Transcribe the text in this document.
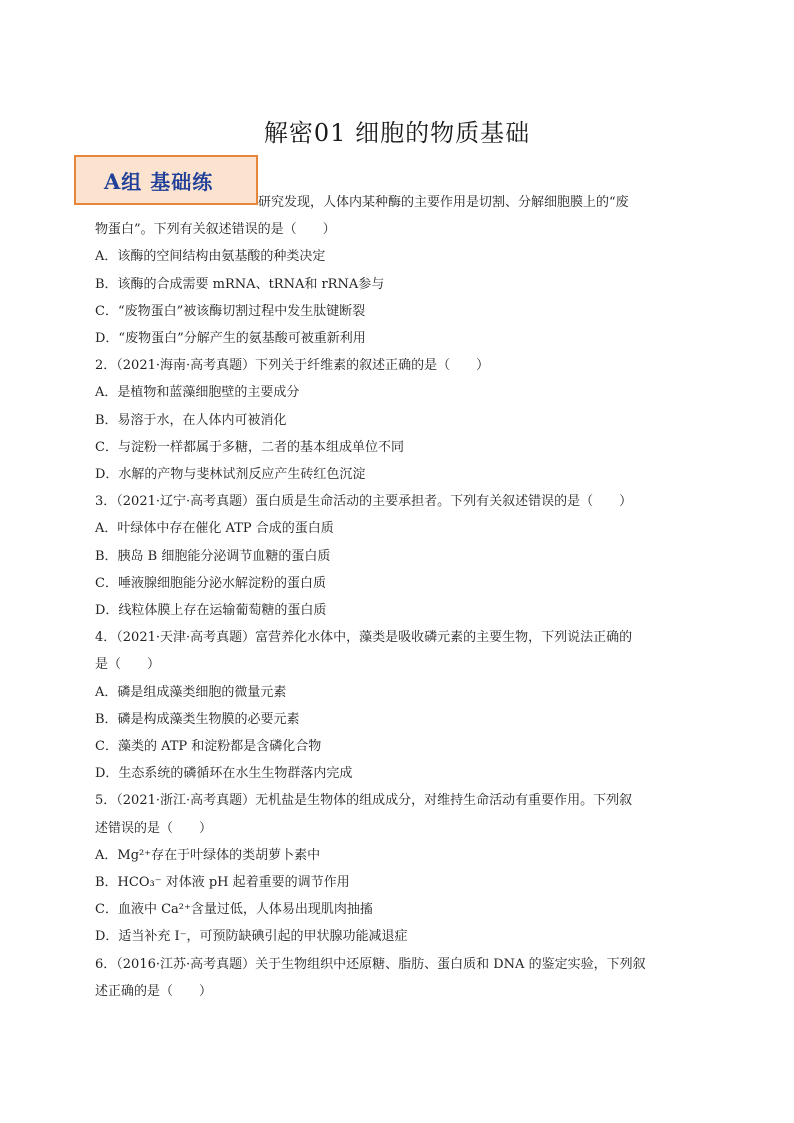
解密01 细胞的物质基础
A组 基础练
研究发现，人体内某种酶的主要作用是切割、分解细胞膜上的“废
物蛋白”。下列有关叙述错误的是（　　）
A．该酶的空间结构由氨基酸的种类决定
B．该酶的合成需要 mRNA、tRNA和 rRNA参与
C．“废物蛋白”被该酶切割过程中发生肽键断裂
D．“废物蛋白”分解产生的氨基酸可被重新利用
2．（2021·海南·高考真题）下列关于纤维素的叙述正确的是（　　）
A．是植物和蓝藻细胞壁的主要成分
B．易溶于水，在人体内可被消化
C．与淀粉一样都属于多糖，二者的基本组成单位不同
D．水解的产物与斐林试剂反应产生砖红色沉淀
3．（2021·辽宁·高考真题）蛋白质是生命活动的主要承担者。下列有关叙述错误的是（　　）
A．叶绿体中存在催化 ATP 合成的蛋白质
B．胰岛 B 细胞能分泌调节血糖的蛋白质
C．唾液腺细胞能分泌水解淀粉的蛋白质
D．线粒体膜上存在运输葡萄糖的蛋白质
4．（2021·天津·高考真题）富营养化水体中，藻类是吸收磷元素的主要生物，下列说法正确的
是（　　）
A．磷是组成藻类细胞的微量元素
B．磷是构成藻类生物膜的必要元素
C．藻类的 ATP 和淀粉都是含磷化合物
D．生态系统的磷循环在水生生物群落内完成
5．（2021·浙江·高考真题）无机盐是生物体的组成成分，对维持生命活动有重要作用。下列叙
述错误的是（　　）
A．Mg²⁺存在于叶绿体的类胡萝卜素中
B．HCO₃⁻ 对体液 pH 起着重要的调节作用
C．血液中 Ca²⁺含量过低，人体易出现肌肉抽搐
D．适当补充 I⁻，可预防缺碘引起的甲状腺功能减退症
6．（2016·江苏·高考真题）关于生物组织中还原糖、脂肪、蛋白质和 DNA 的鉴定实验，下列叙
述正确的是（　　）
